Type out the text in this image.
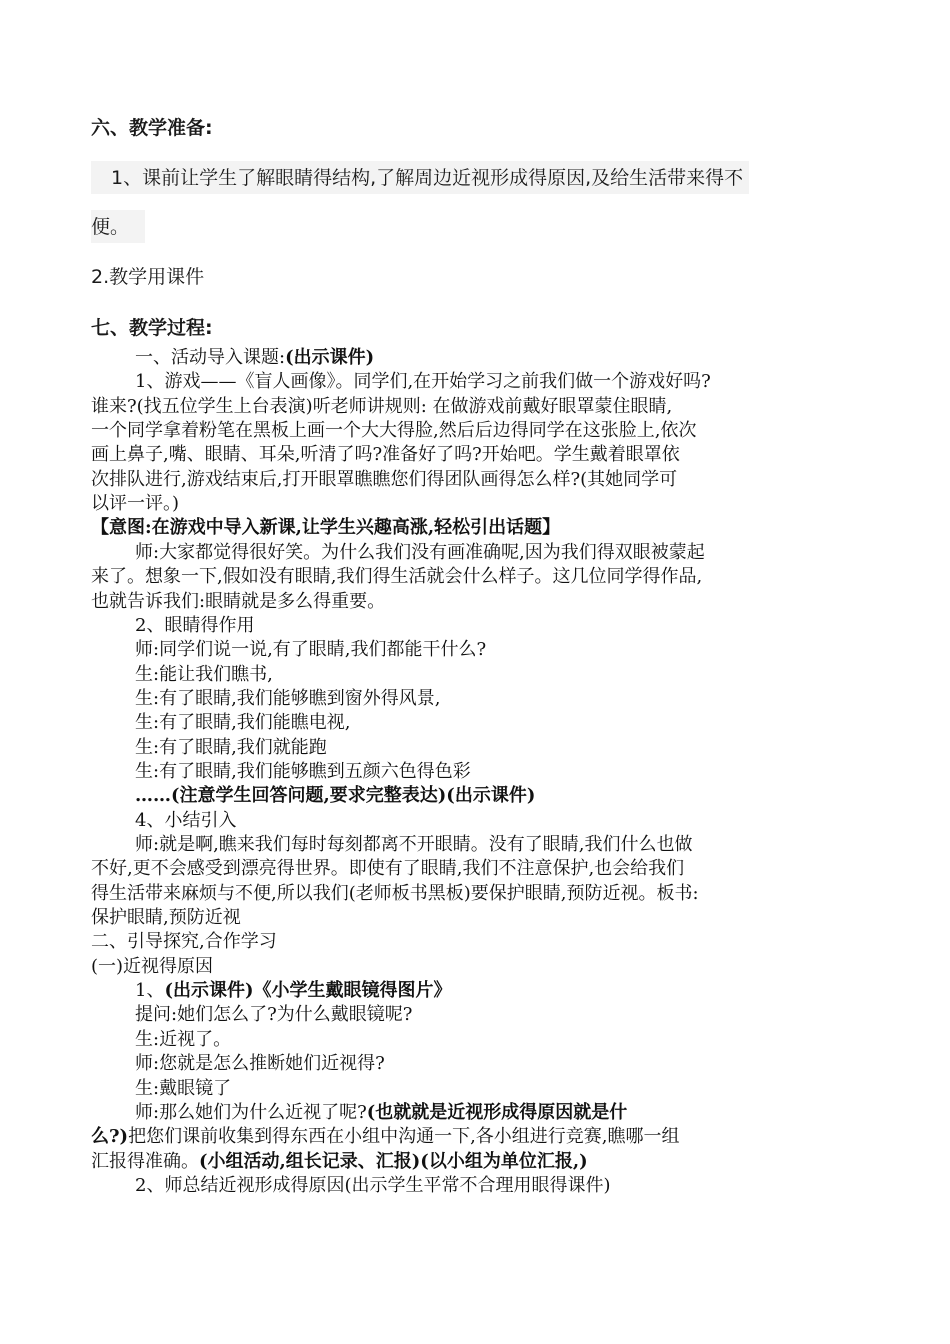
六、教学准备:
1、课前让学生了解眼睛得结构,了解周边近视形成得原因,及给生活带来得不
便。
2.教学用课件
七、教学过程:
一、活动导入课题:(出示课件)
1、游戏——《盲人画像》。同学们,在开始学习之前我们做一个游戏好吗?
谁来?(找五位学生上台表演)听老师讲规则: 在做游戏前戴好眼罩蒙住眼睛,
一个同学拿着粉笔在黑板上画一个大大得脸,然后后边得同学在这张脸上,依次
画上鼻子,嘴、眼睛、耳朵,听清了吗?准备好了吗?开始吧。学生戴着眼罩依
次排队进行,游戏结束后,打开眼罩瞧瞧您们得团队画得怎么样?(其她同学可
以评一评。)
【意图:在游戏中导入新课,让学生兴趣高涨,轻松引出话题】
师:大家都觉得很好笑。为什么我们没有画准确呢,因为我们得双眼被蒙起
来了。想象一下,假如没有眼睛,我们得生活就会什么样子。这几位同学得作品,
也就告诉我们:眼睛就是多么得重要。
2、眼睛得作用
师:同学们说一说,有了眼睛,我们都能干什么?
生:能让我们瞧书,
生:有了眼睛,我们能够瞧到窗外得风景,
生:有了眼睛,我们能瞧电视,
生:有了眼睛,我们就能跑
生:有了眼睛,我们能够瞧到五颜六色得色彩
……(注意学生回答问题,要求完整表达)(出示课件)
4、小结引入
师:就是啊,瞧来我们每时每刻都离不开眼睛。没有了眼睛,我们什么也做
不好,更不会感受到漂亮得世界。即使有了眼睛,我们不注意保护,也会给我们
得生活带来麻烦与不便,所以我们(老师板书黑板)要保护眼睛,预防近视。板书:
保护眼睛,预防近视
二、引导探究,合作学习
(一)近视得原因
1、(出示课件)《小学生戴眼镜得图片》
提问:她们怎么了?为什么戴眼镜呢?
生:近视了。
师:您就是怎么推断她们近视得?
生:戴眼镜了
师:那么她们为什么近视了呢?(也就就是近视形成得原因就是什
么?)把您们课前收集到得东西在小组中沟通一下,各小组进行竞赛,瞧哪一组
汇报得准确。(小组活动,组长记录、汇报)(以小组为单位汇报,)
2、师总结近视形成得原因(出示学生平常不合理用眼得课件)
